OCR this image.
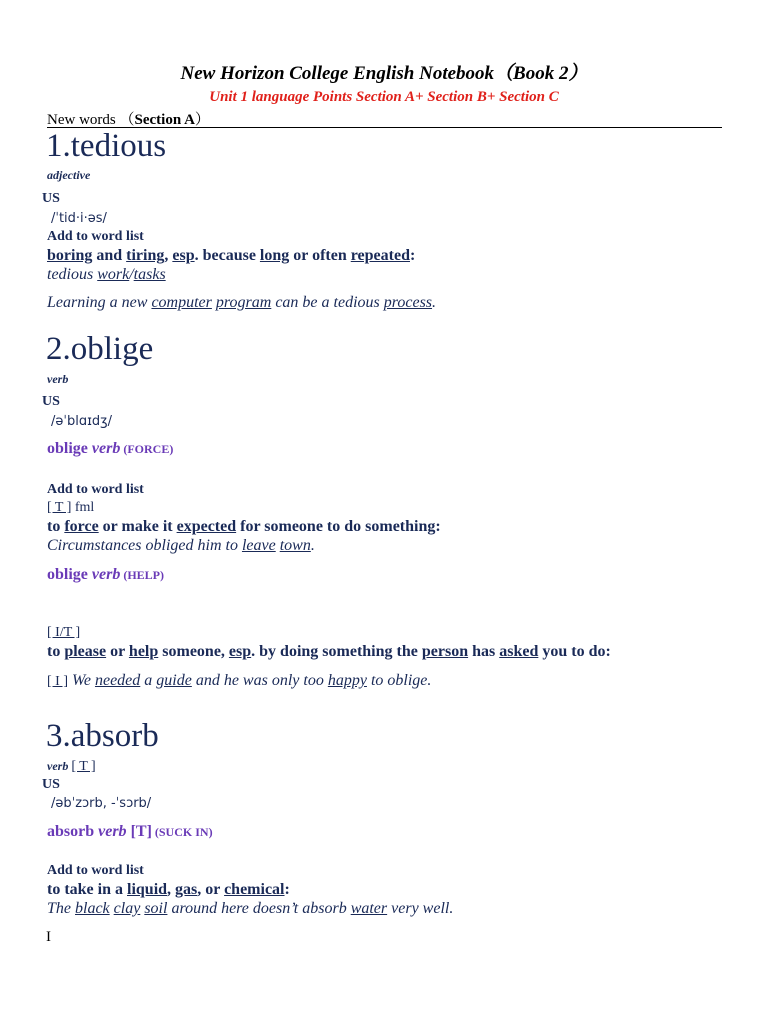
New Horizon College English Notebook（Book 2）
Unit 1 language Points Section A+ Section B+ Section C
New words （Section A）
1.tedious
adjective
US
/ˈtid·i·əs/
Add to word list
boring and tiring, esp. because long or often repeated:
tedious work/tasks
Learning a new computer program can be a tedious process.
2.oblige
verb
US
/əˈblɑɪdʒ/
oblige verb (FORCE)
Add to word list
[ T ] fml
to force or make it expected for someone to do something:
Circumstances obliged him to leave town.
oblige verb (HELP)
[ I/T ]
to please or help someone, esp. by doing something the person has asked you to do:
[ I ] We needed a guide and he was only too happy to oblige.
3.absorb
verb [ T ]
US
/əbˈzɔrb, -ˈsɔrb/
absorb verb [T] (SUCK IN)
Add to word list
to take in a liquid, gas, or chemical:
The black clay soil around here doesn’t absorb water very well.
I
